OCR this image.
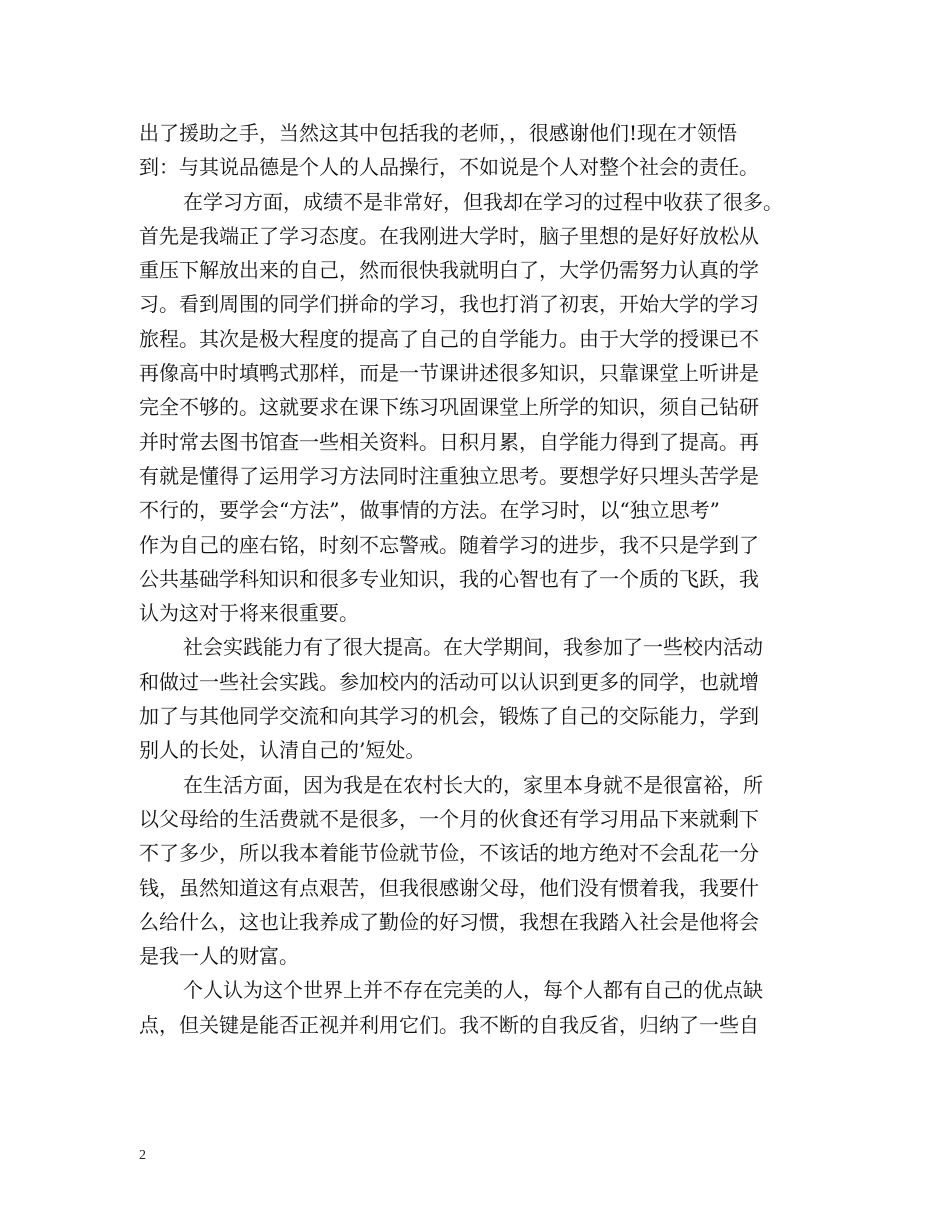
出了援助之手，当然这其中包括我的老师，，很感谢他们!现在才领悟
到：与其说品德是个人的人品操行，不如说是个人对整个社会的责任。
在学习方面，成绩不是非常好，但我却在学习的过程中收获了很多。
首先是我端正了学习态度。在我刚进大学时，脑子里想的是好好放松从
重压下解放出来的自己，然而很快我就明白了，大学仍需努力认真的学
习。看到周围的同学们拼命的学习，我也打消了初衷，开始大学的学习
旅程。其次是极大程度的提高了自己的自学能力。由于大学的授课已不
再像高中时填鸭式那样，而是一节课讲述很多知识，只靠课堂上听讲是
完全不够的。这就要求在课下练习巩固课堂上所学的知识，须自己钻研
并时常去图书馆查一些相关资料。日积月累，自学能力得到了提高。再
有就是懂得了运用学习方法同时注重独立思考。要想学好只埋头苦学是
不行的，要学会“方法”，做事情的方法。在学习时，以“独立思考”
作为自己的座右铭，时刻不忘警戒。随着学习的进步，我不只是学到了
公共基础学科知识和很多专业知识，我的心智也有了一个质的飞跃，我
认为这对于将来很重要。
社会实践能力有了很大提高。在大学期间，我参加了一些校内活动
和做过一些社会实践。参加校内的活动可以认识到更多的同学，也就增
加了与其他同学交流和向其学习的机会，锻炼了自己的交际能力，学到
别人的长处，认清自己的’短处。
在生活方面，因为我是在农村长大的，家里本身就不是很富裕，所
以父母给的生活费就不是很多，一个月的伙食还有学习用品下来就剩下
不了多少，所以我本着能节俭就节俭，不该话的地方绝对不会乱花一分
钱，虽然知道这有点艰苦，但我很感谢父母，他们没有惯着我，我要什
么给什么，这也让我养成了勤俭的好习惯，我想在我踏入社会是他将会
是我一人的财富。
个人认为这个世界上并不存在完美的人，每个人都有自己的优点缺
点，但关键是能否正视并利用它们。我不断的自我反省，归纳了一些自
2
